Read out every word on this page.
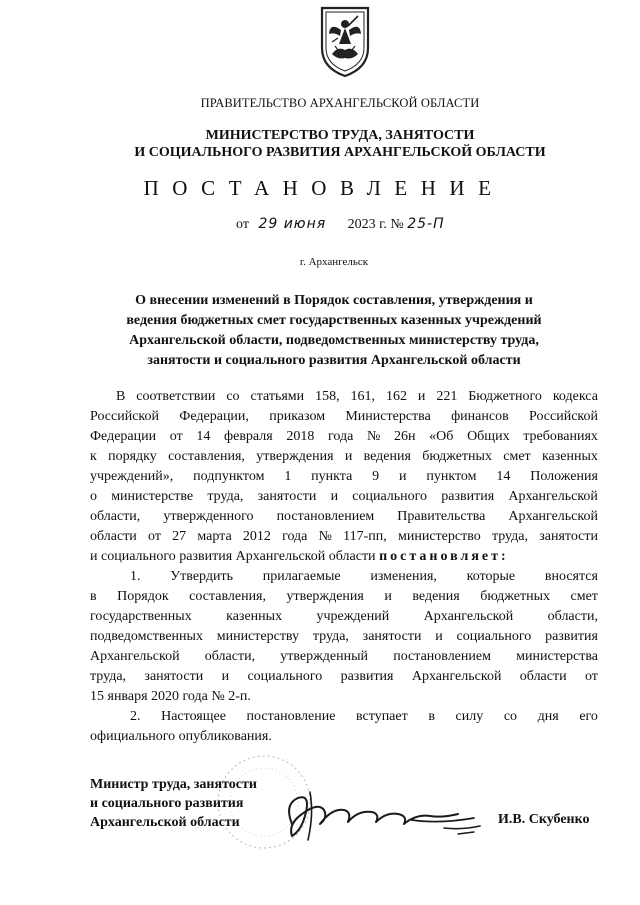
ПРАВИТЕЛЬСТВО АРХАНГЕЛЬСКОЙ ОБЛАСТИ
МИНИСТЕРСТВО ТРУДА, ЗАНЯТОСТИ
И СОЦИАЛЬНОГО РАЗВИТИЯ АРХАНГЕЛЬСКОЙ ОБЛАСТИ
ПОСТАНОВЛЕНИЕ
от 29 июня 2023 г. № 25-П
г. Архангельск
О внесении изменений в Порядок составления, утверждения и
ведения бюджетных смет государственных казенных учреждений
Архангельской области, подведомственных министерству труда,
занятости и социального развития Архангельской области
В соответствии со статьями 158, 161, 162 и 221 Бюджетного кодекса
Российской Федерации, приказом Министерства финансов Российской
Федерации от 14 февраля 2018 года № 26н «Об Общих требованиях
к порядку составления, утверждения и ведения бюджетных смет казенных
учреждений», подпунктом 1 пункта 9 и пунктом 14 Положения
о министерстве труда, занятости и социального развития Архангельской
области, утвержденного постановлением Правительства Архангельской
области от 27 марта 2012 года № 117-пп, министерство труда, занятости
и социального развития Архангельской области постановляет:
1. Утвердить прилагаемые изменения, которые вносятся
в Порядок составления, утверждения и ведения бюджетных смет
государственных казенных учреждений Архангельской области,
подведомственных министерству труда, занятости и социального развития
Архангельской области, утвержденный постановлением министерства
труда, занятости и социального развития Архангельской области от
15 января 2020 года № 2-п.
2. Настоящее постановление вступает в силу со дня его
официального опубликования.
Министр труда, занятости
и социального развития
Архангельской области	И.В. Скубенко
